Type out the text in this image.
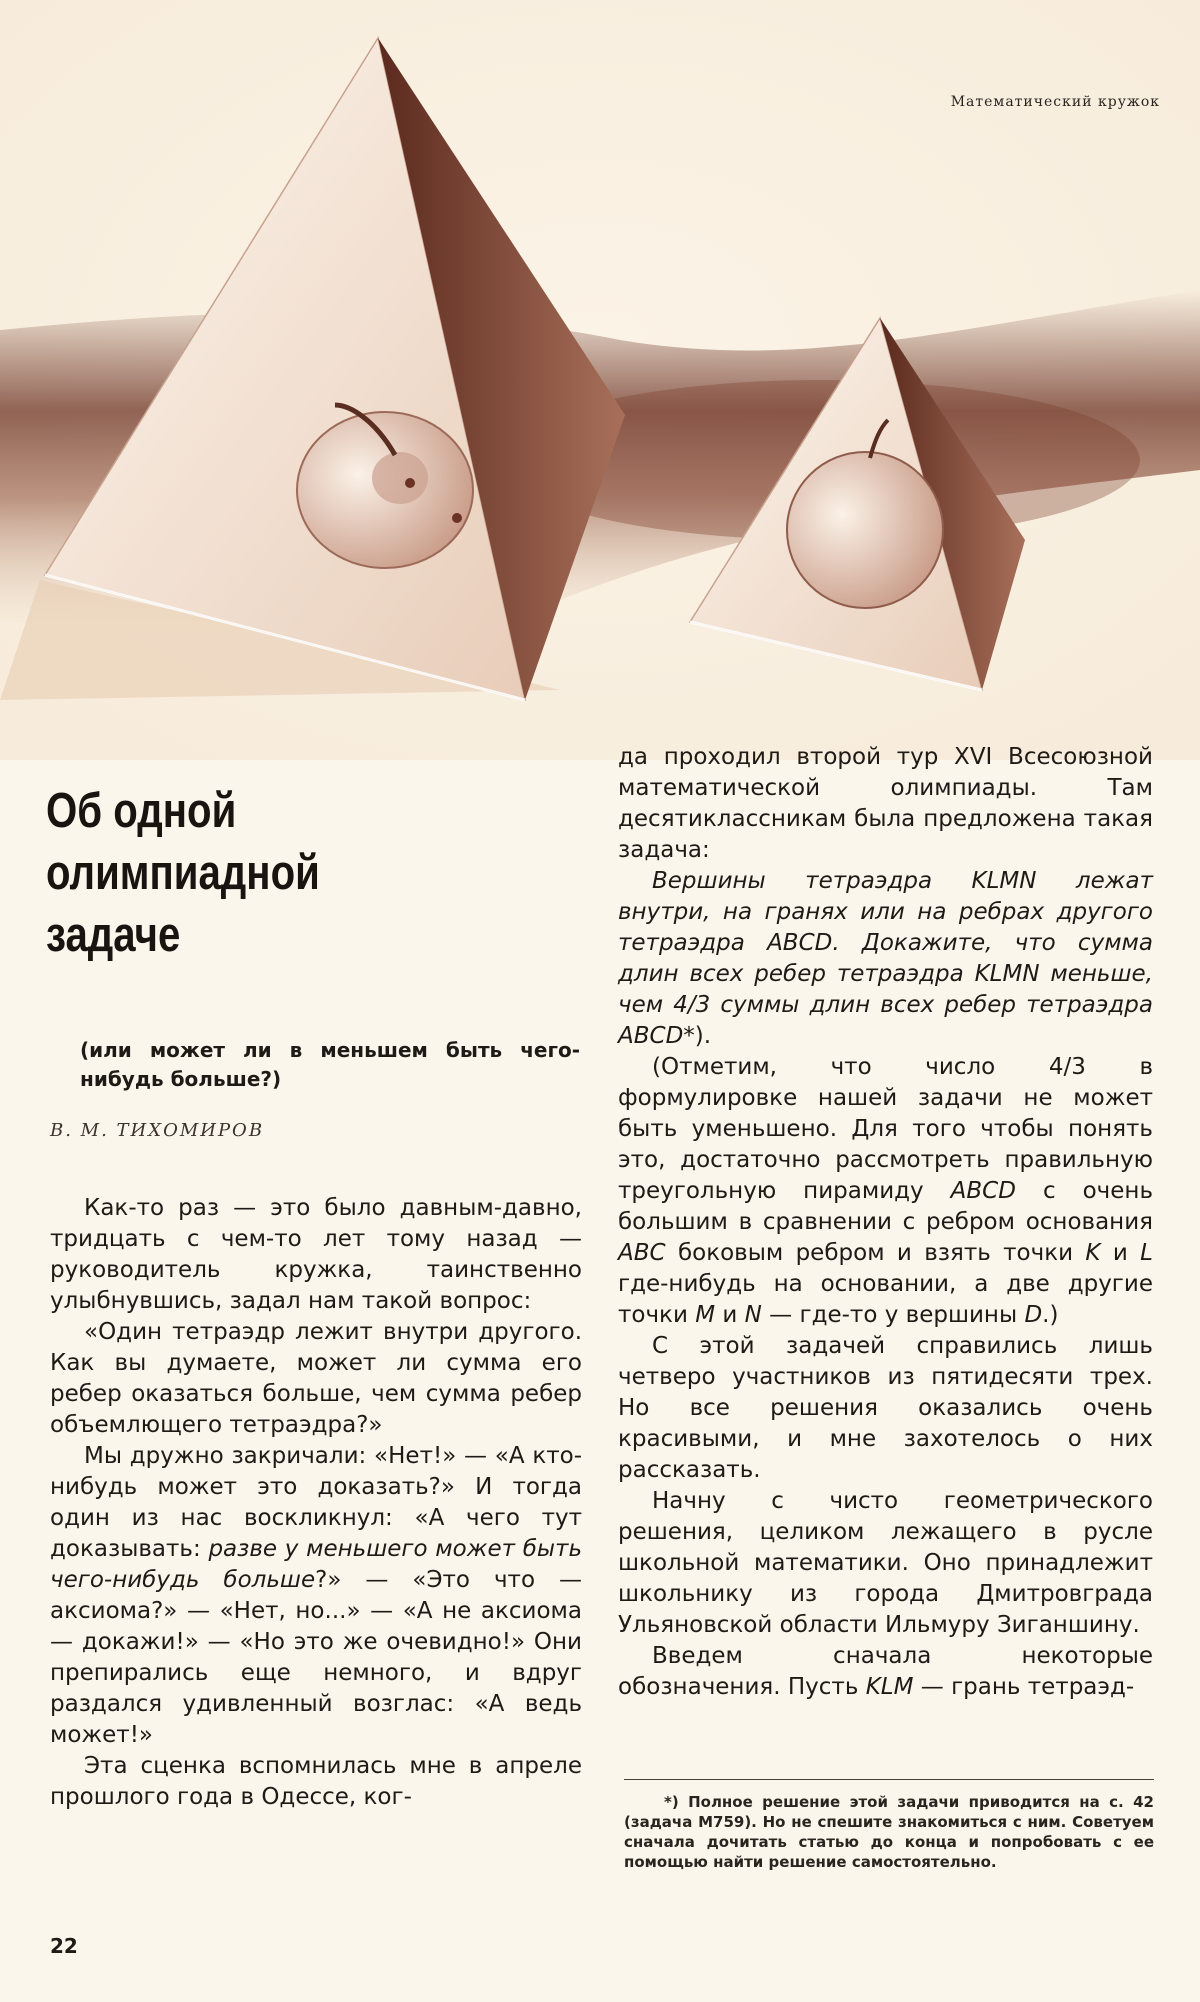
Математический кружок
Об одной
олимпиадной
задаче

(или может ли в меньшем быть чего-нибудь больше?)

В. М. ТИХОМИРОВ

Как-то раз — это было давным-давно, тридцать с чем-то лет тому назад — руководитель кружка, таинственно улыбнувшись, задал нам такой вопрос:

«Один тетраэдр лежит внутри другого. Как вы думаете, может ли сумма его ребер оказаться больше, чем сумма ребер объемлющего тетраэдра?»

Мы дружно закричали: «Нет!» — «А кто-нибудь может это доказать?» И тогда один из нас воскликнул: «А чего тут доказывать: разве у меньшего может быть чего-нибудь больше?» — «Это что — аксиома?» — «Нет, но...» — «А не аксиома — докажи!» — «Но это же очевидно!» Они препирались еще немного, и вдруг раздался удивленный возглас: «А ведь может!»

Эта сценка вспомнилась мне в апреле прошлого года в Одессе, ког-

да проходил второй тур XVI Всесоюзной математической олимпиады. Там десятиклассникам была предложена такая задача:

Вершины тетраэдра KLMN лежат внутри, на гранях или на ребрах другого тетраэдра ABCD. Докажите, что сумма длин всех ребер тетраэдра KLMN меньше, чем 4/3 суммы длин всех ребер тетраэдра ABCD*).

(Отметим, что число 4/3 в формулировке нашей задачи не может быть уменьшено. Для того чтобы понять это, достаточно рассмотреть правильную треугольную пирамиду ABCD с очень большим в сравнении с ребром основания ABC боковым ребром и взять точки K и L где-нибудь на основании, а две другие точки M и N — где-то у вершины D.)

С этой задачей справились лишь четверо участников из пятидесяти трех. Но все решения оказались очень красивыми, и мне захотелось о них рассказать.

Начну с чисто геометрического решения, целиком лежащего в русле школьной математики. Оно принадлежит школьнику из города Дмитровграда Ульяновской области Ильмуру Зиганшину.

Введем сначала некоторые обозначения. Пусть KLM — грань тетраэд-

*) Полное решение этой задачи приводится на с. 42 (задача М759). Но не спешите знакомиться с ним. Советуем сначала дочитать статью до конца и попробовать с ее помощью найти решение самостоятельно.

22
